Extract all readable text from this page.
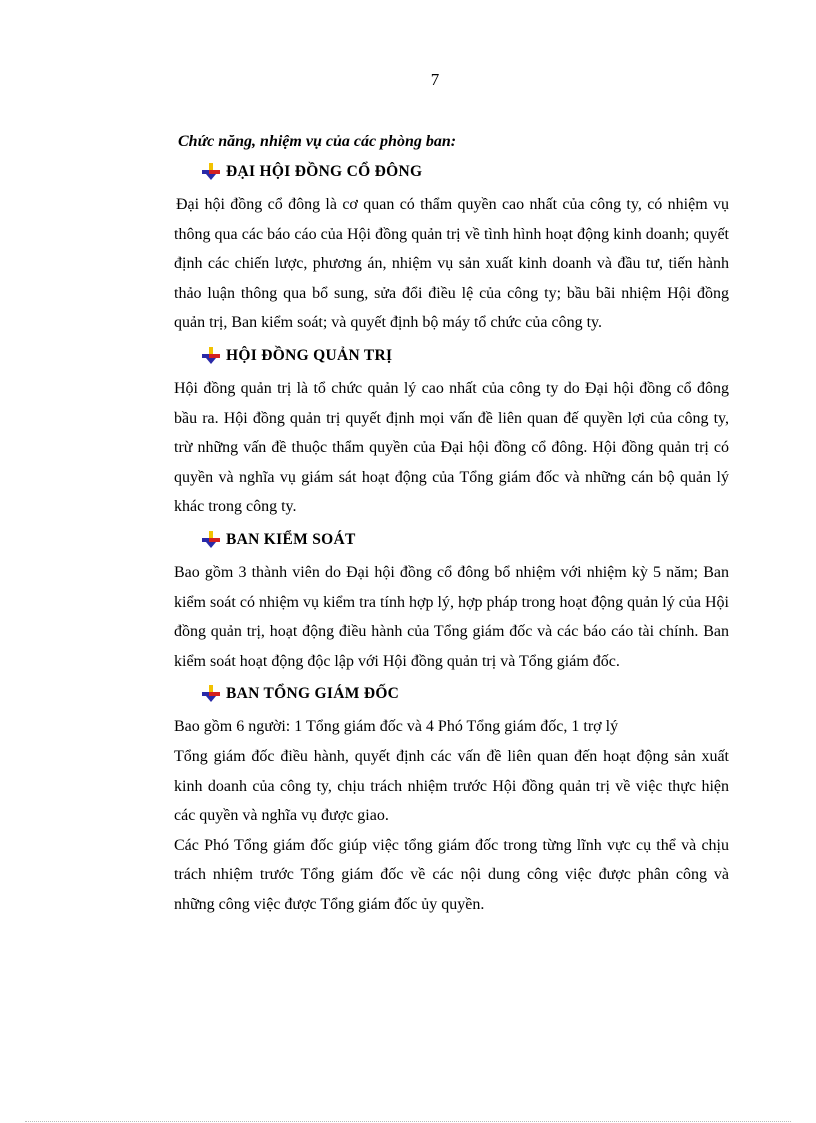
7
Chức năng, nhiệm vụ của các phòng ban:
ĐẠI HỘI ĐỒNG CỔ ĐÔNG

Đại hội đồng cổ đông là cơ quan có thẩm quyền cao nhất của công ty, có nhiệm vụ thông qua các báo cáo của Hội đồng quản trị về tình hình hoạt động kinh doanh; quyết định các chiến lược, phương án, nhiệm vụ sản xuất kinh doanh và đầu tư, tiến hành thảo luận thông qua bổ sung, sửa đổi điều lệ của công ty; bầu bãi nhiệm Hội đồng quản trị, Ban kiểm soát; và quyết định bộ máy tổ chức của công ty.

HỘI ĐỒNG QUẢN TRỊ

Hội đồng quản trị là tổ chức quản lý cao nhất của công ty do Đại hội đồng cổ đông bầu ra. Hội đồng quản trị quyết định mọi vấn đề liên quan đế quyền lợi của công ty, trừ những vấn đề thuộc thẩm quyền của Đại hội đồng cổ đông. Hội đồng quản trị có quyền và nghĩa vụ giám sát hoạt động của Tổng giám đốc và những cán bộ quản lý khác trong công ty.

BAN KIỂM SOÁT

Bao gồm 3 thành viên do Đại hội đồng cổ đông bổ nhiệm với nhiệm kỳ 5 năm; Ban kiểm soát có nhiệm vụ kiểm tra tính hợp lý, hợp pháp trong hoạt động quản lý của Hội đồng quản trị, hoạt động điều hành của Tổng giám đốc và các báo cáo tài chính. Ban kiểm soát hoạt động độc lập với Hội đồng quản trị và Tổng giám đốc.

BAN TỔNG GIÁM ĐỐC

Bao gồm 6 người: 1 Tổng giám đốc và 4 Phó Tổng giám đốc, 1 trợ lý

Tổng giám đốc điều hành, quyết định các vấn đề liên quan đến hoạt động sản xuất kinh doanh của công ty, chịu trách nhiệm trước Hội đồng quản trị về việc thực hiện các quyền và nghĩa vụ được giao.

Các Phó Tổng giám đốc giúp việc tổng giám đốc trong từng lĩnh vực cụ thể và chịu trách nhiệm trước Tổng giám đốc về các nội dung công việc được phân công và những công việc được Tổng giám đốc ủy quyền.
